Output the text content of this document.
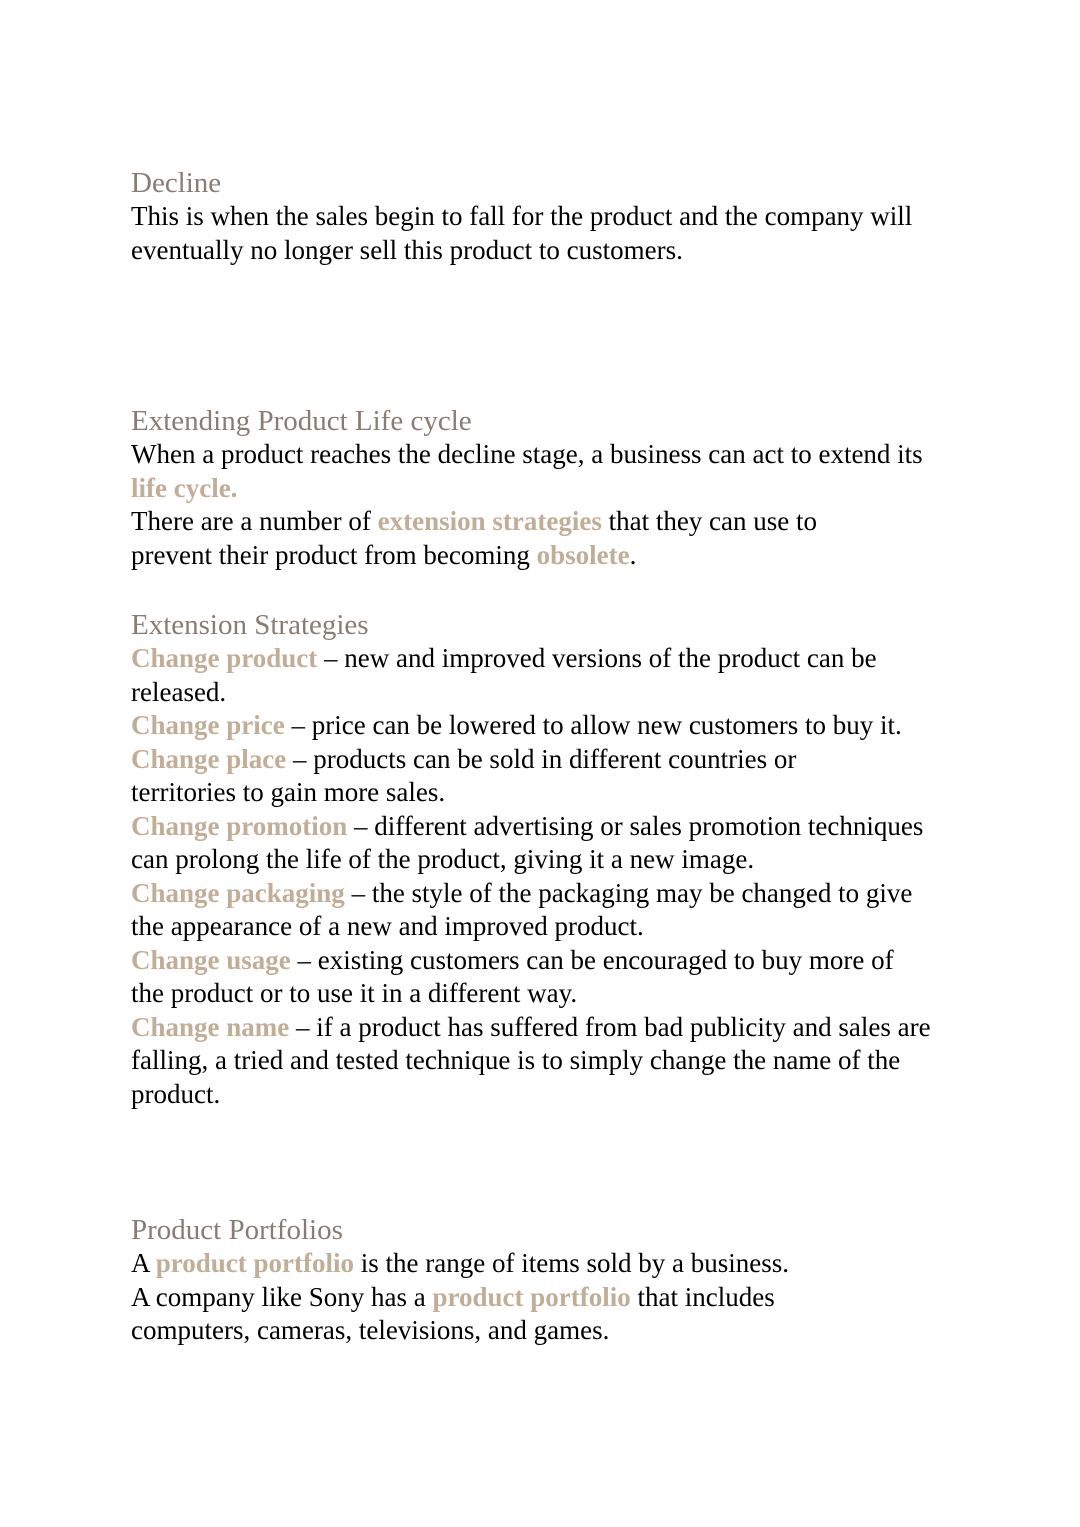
Decline

This is when the sales begin to fall for the product and the company will eventually no longer sell this product to customers.

Extending Product Life cycle

When a product reaches the decline stage, a business can act to extend its life cycle.

There are a number of extension strategies that they can use to prevent their product from becoming obsolete.

Extension Strategies

Change product – new and improved versions of the product can be released.

Change price – price can be lowered to allow new customers to buy it.

Change place – products can be sold in different countries or territories to gain more sales.

Change promotion – different advertising or sales promotion techniques can prolong the life of the product, giving it a new image.

Change packaging – the style of the packaging may be changed to give the appearance of a new and improved product.

Change usage – existing customers can be encouraged to buy more of the product or to use it in a different way.

Change name – if a product has suffered from bad publicity and sales are falling, a tried and tested technique is to simply change the name of the product.

Product Portfolios

A product portfolio is the range of items sold by a business.

A company like Sony has a product portfolio that includes computers, cameras, televisions, and games.
